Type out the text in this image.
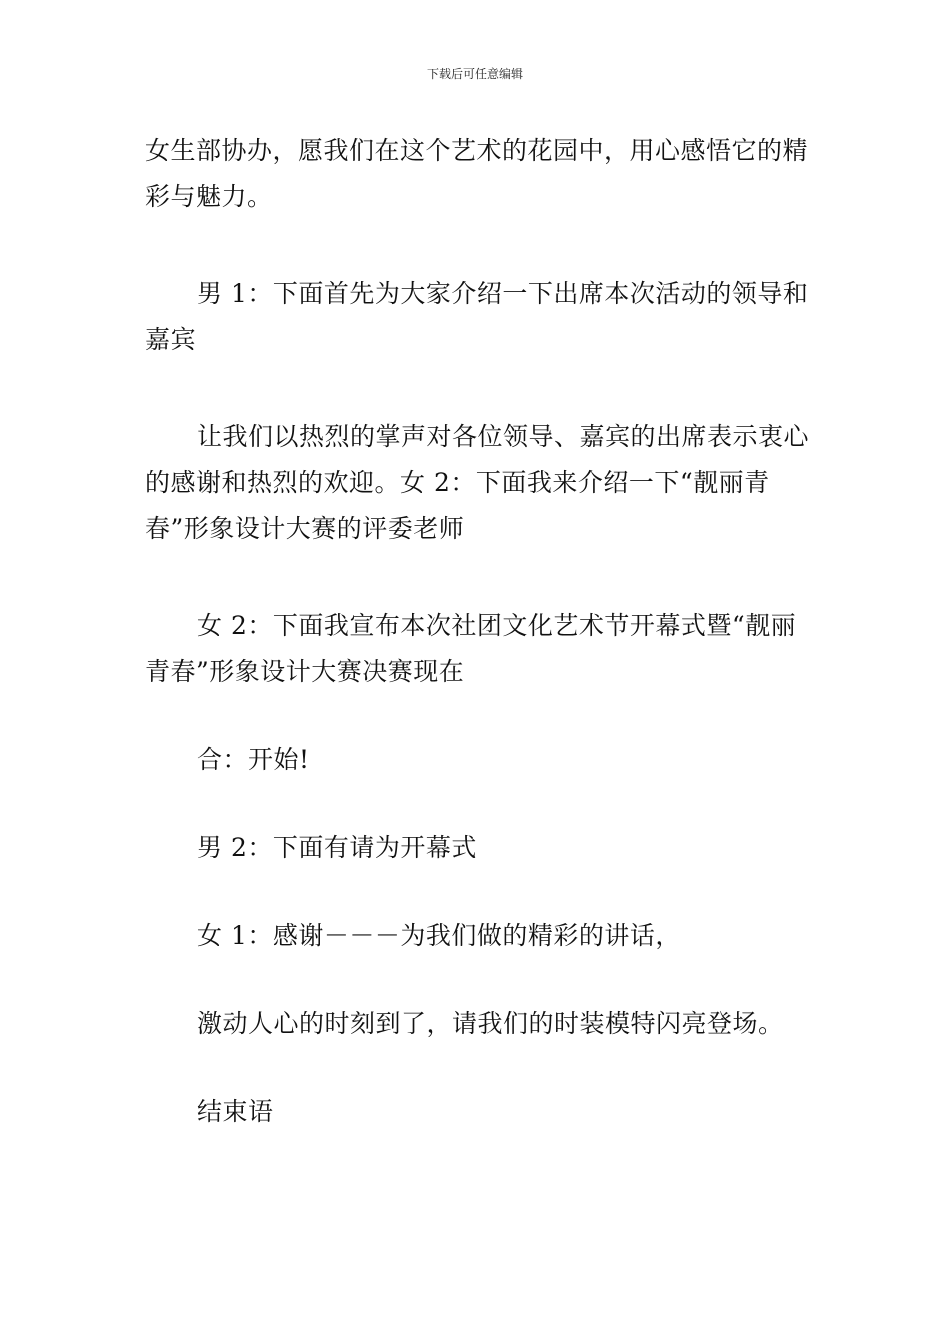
下载后可任意编辑

女生部协办，愿我们在这个艺术的花园中，用心感悟它的精彩与魅力。

男 1：下面首先为大家介绍一下出席本次活动的领导和嘉宾

让我们以热烈的掌声对各位领导、嘉宾的出席表示衷心的感谢和热烈的欢迎。女 2：下面我来介绍一下“靓丽青春”形象设计大赛的评委老师

女 2：下面我宣布本次社团文化艺术节开幕式暨“靓丽青春”形象设计大赛决赛现在

合：开始!

男 2：下面有请为开幕式

女 1：感谢－－－为我们做的精彩的讲话，

激动人心的时刻到了，请我们的时装模特闪亮登场。

结束语
